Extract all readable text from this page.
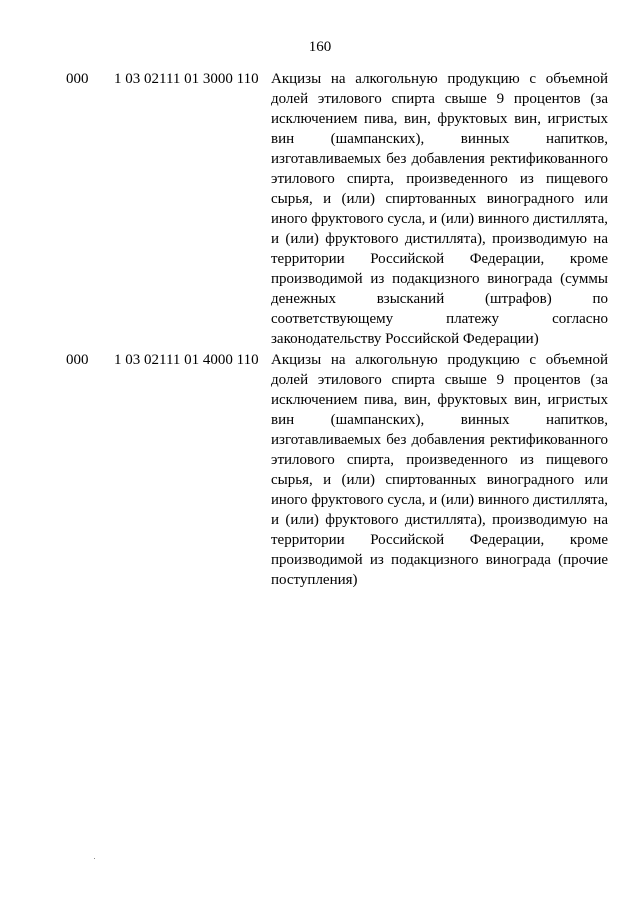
160
000 1 03 02111 01 3000 110 Акцизы на алкогольную продукцию с объемной
долей этилового спирта свыше 9 процентов (за
исключением пива, вин, фруктовых вин, игристых
вин (шампанских), винных напитков,
изготавливаемых без добавления ректификованного
этилового спирта, произведенного из пищевого
сырья, и (или) спиртованных виноградного или
иного фруктового сусла, и (или) винного дистиллята,
и (или) фруктового дистиллята), производимую на
территории Российской Федерации, кроме
производимой из подакцизного винограда (суммы
денежных взысканий (штрафов) по
соответствующему платежу согласно
законодательству Российской Федерации)
000 1 03 02111 01 4000 110 Акцизы на алкогольную продукцию с объемной
долей этилового спирта свыше 9 процентов (за
исключением пива, вин, фруктовых вин, игристых
вин (шампанских), винных напитков,
изготавливаемых без добавления ректификованного
этилового спирта, произведенного из пищевого
сырья, и (или) спиртованных виноградного или
иного фруктового сусла, и (или) винного дистиллята,
и (или) фруктового дистиллята), производимую на
территории Российской Федерации, кроме
производимой из подакцизного винограда (прочие
поступления)
